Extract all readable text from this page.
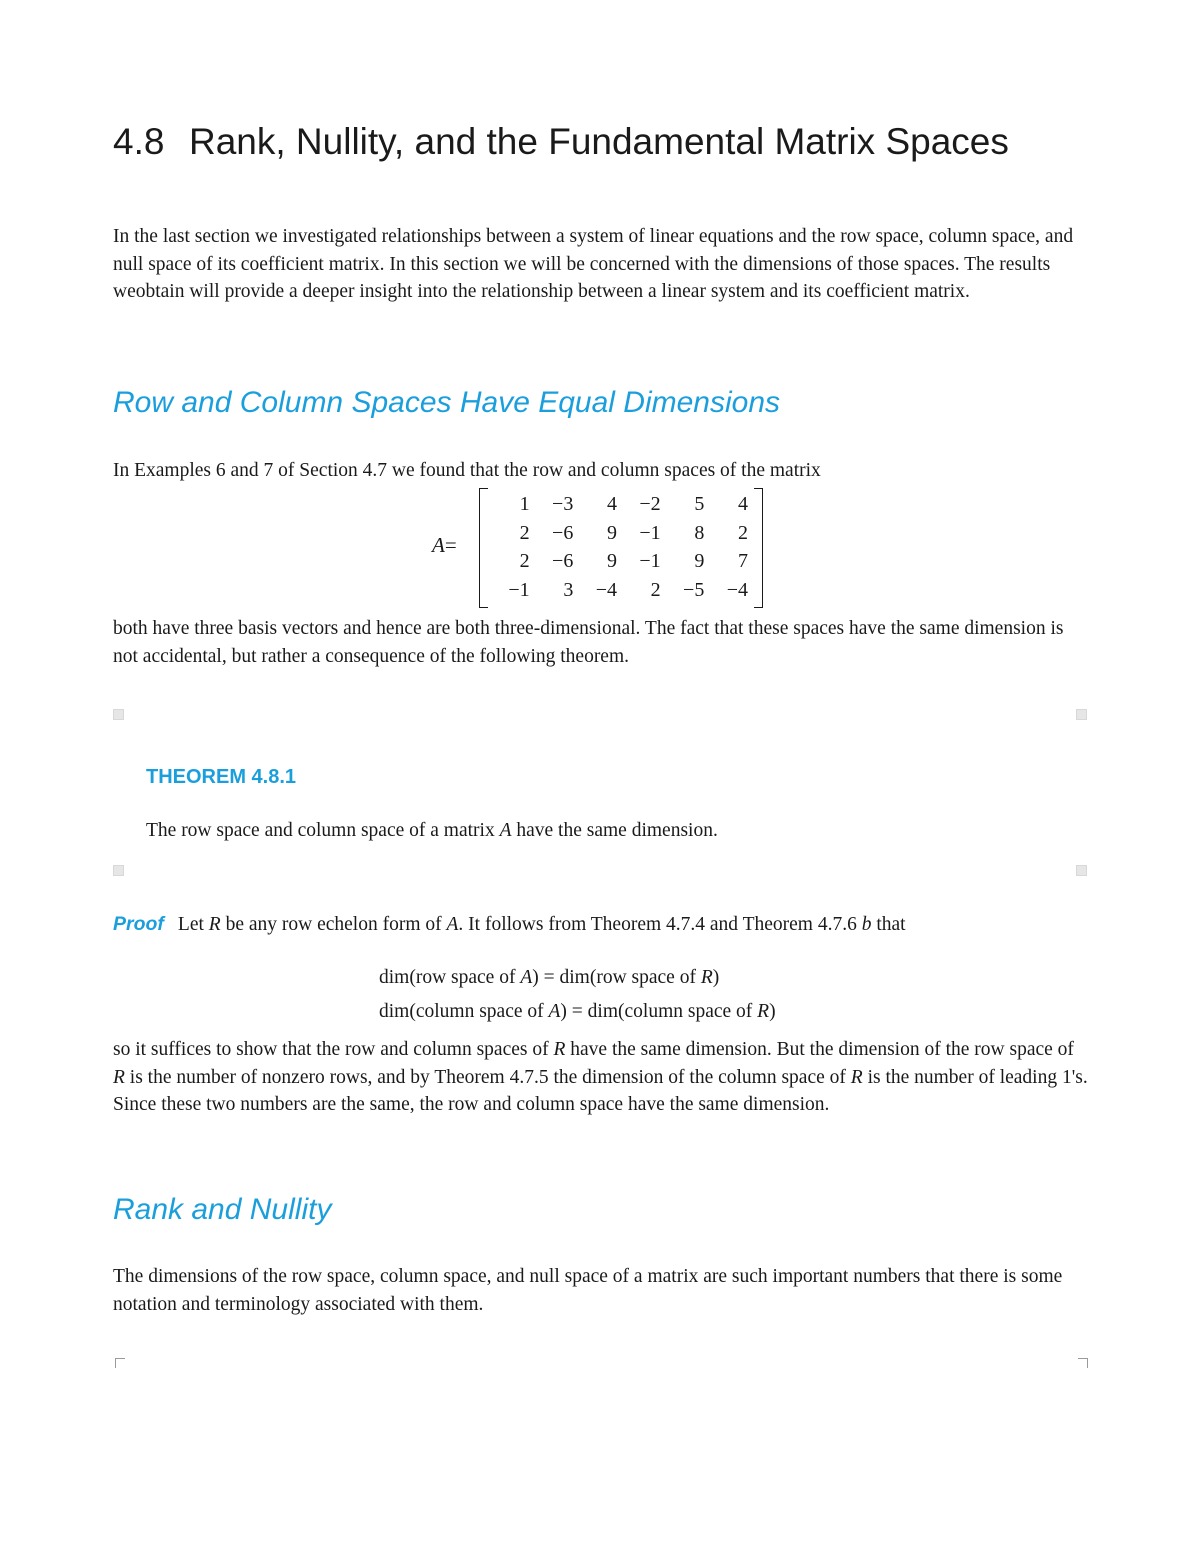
4.8 Rank, Nullity, and the Fundamental Matrix Spaces

In the last section we investigated relationships between a system of linear equations and the row space, column space, and null space of its coefficient matrix. In this section we will be concerned with the dimensions of those spaces. The results weobtain will provide a deeper insight into the relationship between a linear system and its coefficient matrix.

Row and Column Spaces Have Equal Dimensions

In Examples 6 and 7 of Section 4.7 we found that the row and column spaces of the matrix

A=
1	−3	4	−2	5	4
2	−6	9	−1	8	2
2	−6	9	−1	9	7
−1	3	−4	2	−5	−4

both have three basis vectors and hence are both three-dimensional. The fact that these spaces have the same dimension is not accidental, but rather a consequence of the following theorem.

THEOREM 4.8.1

The row space and column space of a matrix A have the same dimension.

Proof Let R be any row echelon form of A. It follows from Theorem 4.7.4 and Theorem 4.7.6 b that

dim(row space of A) = dim(row space of R)

dim(column space of A) = dim(column space of R)

so it suffices to show that the row and column spaces of R have the same dimension. But the dimension of the row space of R is the number of nonzero rows, and by Theorem 4.7.5 the dimension of the column space of R is the number of leading 1's. Since these two numbers are the same, the row and column space have the same dimension.

Rank and Nullity

The dimensions of the row space, column space, and null space of a matrix are such important numbers that there is some notation and terminology associated with them.
